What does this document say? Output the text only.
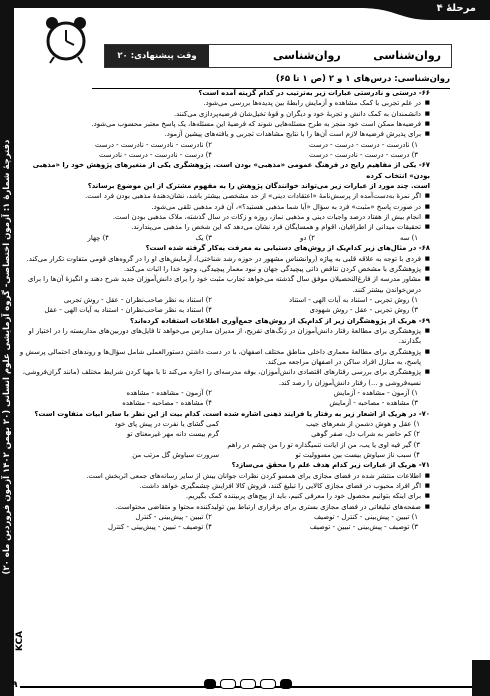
مرحلهٔ ۴
روان‌شناسی
روان‌شناسی
وقت پیشنهادی: ۲۰ دقیقه	روان‌شناسی: درس‌های ۱ و ۲ (ص ۱ تا ۶۵)
۶۶- درستی و نادرستی عبارات زیر به‌ترتیب در کدام گزینه آمده است؟
■ در علم تجربی با کمک مشاهده و آزمایش رابطهٔ بین پدیده‌ها بررسی می‌شود.
■ دانشمندان به کمک دانش و تجربهٔ خود و دیگران و قوهٔ تخیل‌شان فرضیه‌پردازی می‌کنند.
■ فرضیه‌ها ممکن است خود منجر به طرح مسئله‌هایی شوند که فرضیهٔ این مسئله‌ها، یک پاسخ معتبر محسوب می‌شود.
■ برای پذیرش فرضیه‌ها لازم است آن‌ها را با نتایج مشاهدات تجربی و یافته‌های پیشین آزمود.
۱) نادرست - درست - درست - درست
۲) نادرست - نادرست - نادرست - درست
۳) درست - درست - نادرست - درست
۴) درست - نادرست - درست - نادرست
۶۷- یکی از مفاهیم رایج در فرهنگ عمومی «مذهبی» بودن است. پژوهشگری یکی از متغیرهای پژوهش خود را «مذهبی بودن» انتخاب کرده
است. چند مورد از عبارات زیر می‌تواند خوانندگان پژوهش را به مفهوم مشترک از این موضوع برساند؟
■ اگر نمرهٔ به‌دست‌آمده از پرسش‌نامهٔ «اعتقادات دینی» از حد مشخصی بیشتر باشد، نشان‌دهندهٔ مذهبی بودن فرد است.
■ در صورت پاسخ «مثبت» فرد به سؤال «آیا شما مذهبی هستید؟»، آن فرد مذهبی تلقی می‌شود.
■ انجام بیش از هفتاد درصد واجبات دینی و مذهبی نماز، روزه و زکات در سال گذشته، ملاک مذهبی بودن است.
■ تحقیقات میدانی از اطرافیان، اقوام و همسایگان فرد نشان می‌دهد که این شخص را مذهبی می‌پندارند.
۱) سه
۲) دو
۳) یک
۴) چهار
۶۸- در مثال‌های زیر کدام‌یک از روش‌های دستیابی به معرفت به‌کار گرفته شده است؟
■ فردی با توجه به علاقه قلبی به پیاژه (روانشناس مشهور در حوزه رشد شناختی)، آزمایش‌های او را در گروه‌های قومی متفاوت تکرار می‌کند.
■ پژوهشگری با مشخص کردن تناقض ذاتی پیچیدگی جهان و نبود معمار پیچیدگی، وجود خدا را اثبات می‌کند.
■ مشاور مدرسه از فارغ‌التحصیلان موفق سال گذشته می‌خواهد تجارب مثبت خود را برای دانش‌آموزان جدید شرح دهند و انگیزهٔ آن‌ها را برای درس‌خواندن بیشتر کنند.
۱) روش تجربی - استناد به آیات الهی - استناد
۲) استناد به نظر صاحب‌نظران - عقل - روش تجربی
۳) روش تجربی - عقل - روش شهودی
۴) استناد به نظر صاحب‌نظران - استناد به آیات الهی - عقل
۶۹- هریک از پژوهشگران زیر از کدام‌یک از روش‌های جمع‌آوری اطلاعات استفاده کرده‌اند؟
■ پژوهشگری برای مطالعهٔ رفتار دانش‌آموزان در زنگ‌های تفریح، از مدیران مدارس می‌خواهد تا فایل‌های دوربین‌های مداربسته را در اختیار او بگذارند.
■ پژوهشگری برای مطالعهٔ معماری داخلی مناطق مختلف اصفهان، با در دست داشتن دستورالعملی شامل سؤال‌ها و روندهای احتمالی پرسش و پاسخ، به منازل افراد ساکن در اصفهان مراجعه می‌کند.
■ پژوهشگری برای بررسی رفتارهای اقتصادی دانش‌آموزان، بوفه مدرسه‌ای را اجاره می‌کند تا با مهیا کردن شرایط مختلف (مانند گران‌فروشی، نسیه‌فروشی و ...) رفتار دانش‌آموزان را رصد کند.
۱) آزمون - مشاهده - آزمایش
۲) آزمون - مشاهده - مشاهده
۳) مشاهده - مصاحبه - آزمایش
۴) مشاهده - مصاحبه - مشاهده
۷۰- در هریک از اشعار زیر به رفتار یا فرایند ذهنی اشاره شده است. کدام بیت از این نظر با سایر ابیات متفاوت است؟
۱) عقل و هوش دشمن از شعرهای جیب
کمی گشای یا نفرت در پیش پای خود
۲) کم حاضر به شراب دل، صفر گوهی
گرم بیست دانه مهر غیرمعنای تو
۳) گیر فیه اوی یا یب، من از ایانت تنمیگذاره تو را من چشم در راهم
۴) سبب ناز سیاوش بیست بین مسوولیت تو
سرورت سیاوش گل مرتب من
۷۱- هریک از عبارات زیر کدام هدف علم را محقق می‌سازد؟
■ اطلاعات منتشر شده در فضای مجازی برای همسو کردن نظرات جوانان بیش از سایر رسانه‌های جمعی اثربخش است.
■ اگر افراد محبوب در فضای مجازی کالایی را تبلیغ کنند، فروش کالا افزایش چشمگیری خواهد داشت.
■ برای اینکه بتوانیم محصول خود را معرفی کنیم، باید از پیج‌های پربیننده کمک بگیریم.
■ صفحه‌های تبلیغاتی در فضای مجازی بستری برای برقراری ارتباط بین تولیدکننده محتوا و متقاضی محتواست.
۱) تبیین - پیش‌بینی - کنترل - توصیف
۲) تبیین - پیش‌بینی - کنترل
۳) توصیف - پیش‌بینی - تبیین - توصیف
۴) توصیف - تبیین - پیش‌بینی - کنترل
دفترچهٔ شمارهٔ ۱: آزمون اختصاصی- گروه آزمایشی علوم انسانی (۲۰ بهمن ۱۴۰۲ آزمون فروردین ماه ۲۰)
KCA
۹
